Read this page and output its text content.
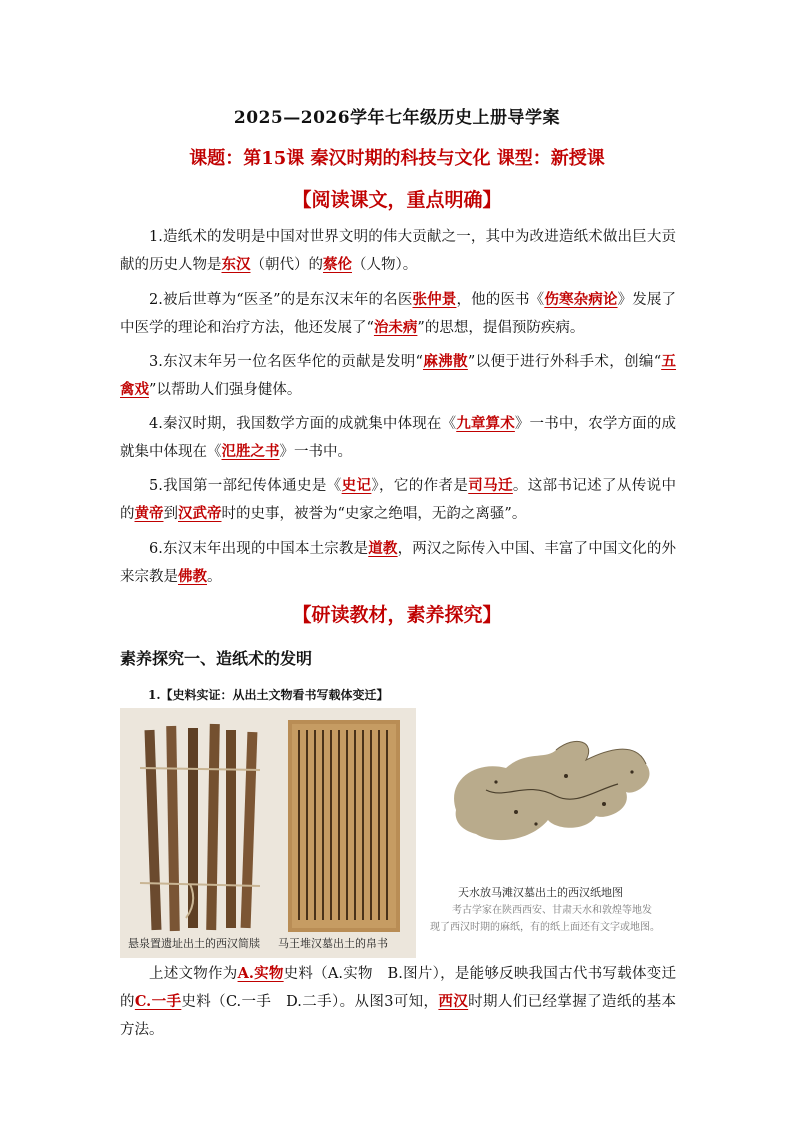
2025—2026学年七年级历史上册导学案
课题：第15课 秦汉时期的科技与文化 课型：新授课
【阅读课文，重点明确】

1.造纸术的发明是中国对世界文明的伟大贡献之一，其中为改进造纸术做出巨大贡献的历史人物是东汉（朝代）的蔡伦（人物）。

2.被后世尊为“医圣”的是东汉末年的名医张仲景，他的医书《伤寒杂病论》发展了中医学的理论和治疗方法，他还发展了“治未病”的思想，提倡预防疾病。

3.东汉末年另一位名医华佗的贡献是发明“麻沸散”以便于进行外科手术，创编“五禽戏”以帮助人们强身健体。

4.秦汉时期，我国数学方面的成就集中体现在《九章算术》一书中，农学方面的成就集中体现在《氾胜之书》一书中。

5.我国第一部纪传体通史是《史记》，它的作者是司马迁。这部书记述了从传说中的黄帝到汉武帝时的史事，被誉为“史家之绝唱，无韵之离骚”。

6.东汉末年出现的中国本土宗教是道教，两汉之际传入中国、丰富了中国文化的外来宗教是佛教。

【研读教材，素养探究】
素养探究一、造纸术的发明
1.【史料实证：从出土文物看书写载体变迁】
悬泉置遗址出土的西汉简牍 马王堆汉墓出土的帛书
天水放马滩汉墓出土的西汉纸地图
考古学家在陕西西安、甘肃天水和敦煌等地发现了西汉时期的麻纸，有的纸上面还有文字或地图。

上述文物作为A.实物史料（A.实物　B.图片），是能够反映我国古代书写载体变迁的C.一手史料（C.一手　D.二手）。从图3可知，西汉时期人们已经掌握了造纸的基本方法。
